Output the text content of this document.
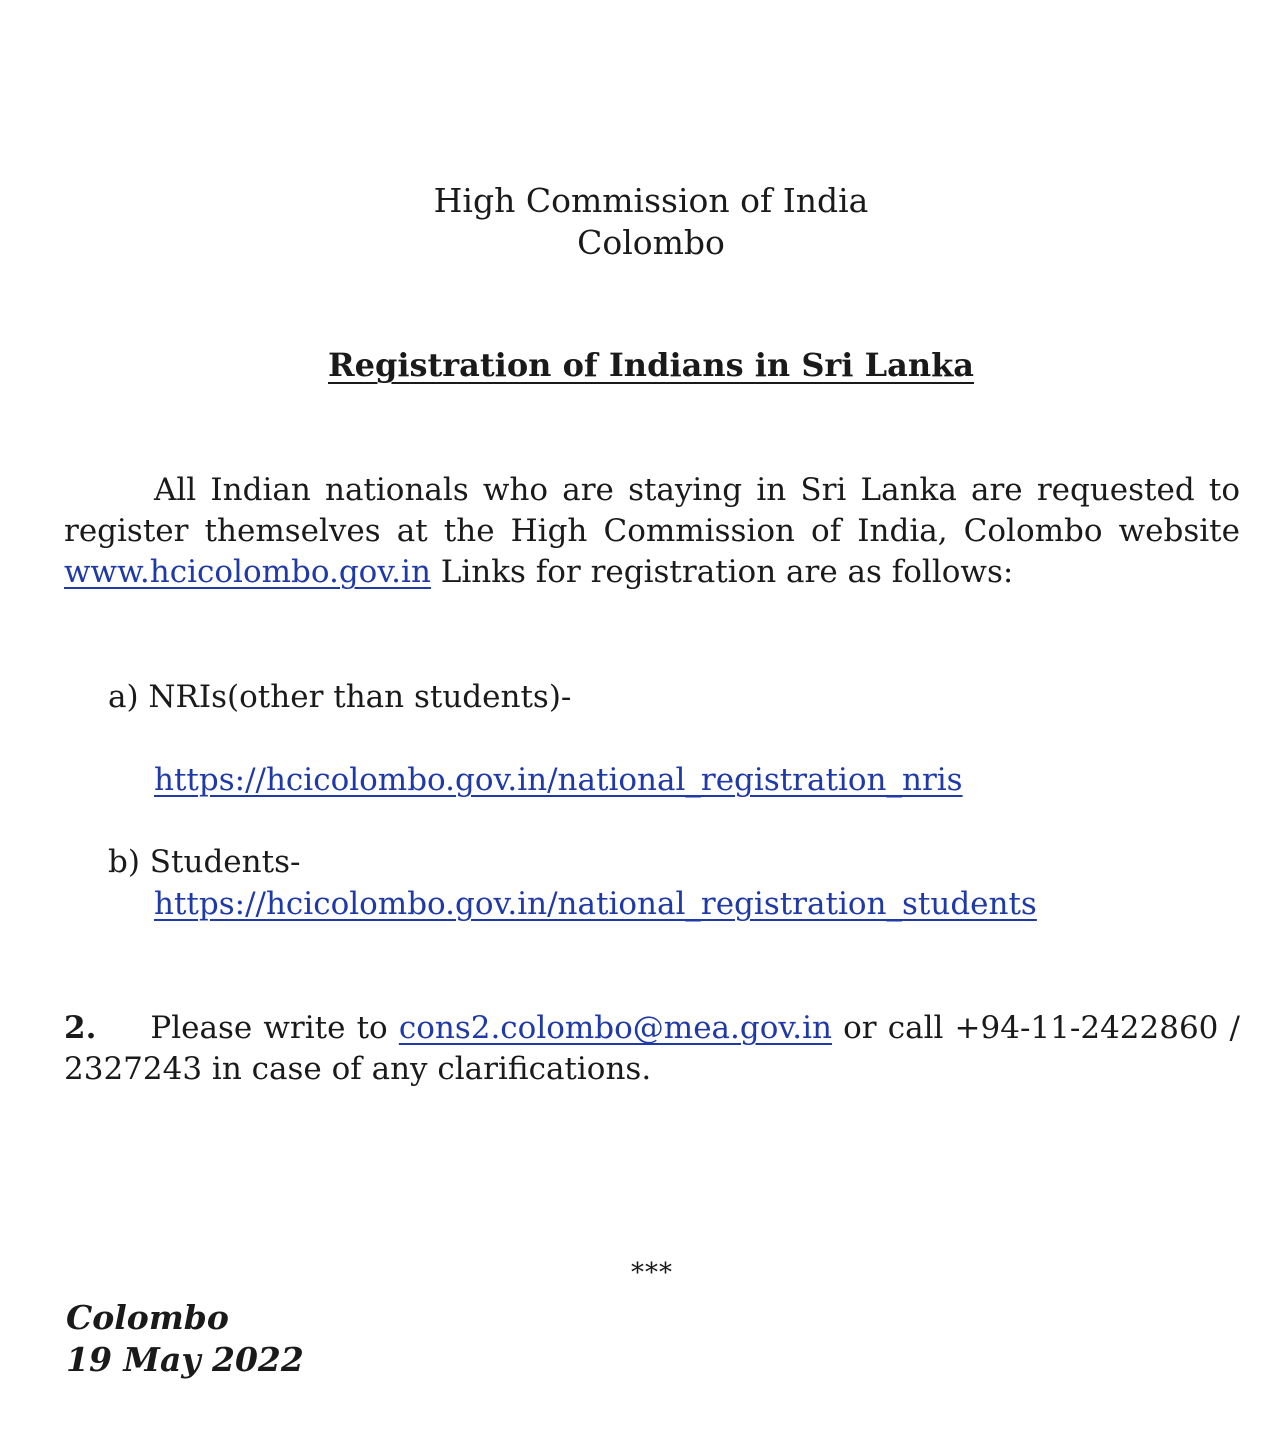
High Commission of India
Colombo
Registration of Indians in Sri Lanka
All Indian nationals who are staying in Sri Lanka are requested to register themselves at the High Commission of India, Colombo website www.hcicolombo.gov.in Links for registration are as follows:
a) NRIs(other than students)-
https://hcicolombo.gov.in/national_registration_nris
b) Students-
https://hcicolombo.gov.in/national_registration_students
2. Please write to cons2.colombo@mea.gov.in or call +94-11-2422860 / 2327243 in case of any clarifications.
***
Colombo
19 May 2022
